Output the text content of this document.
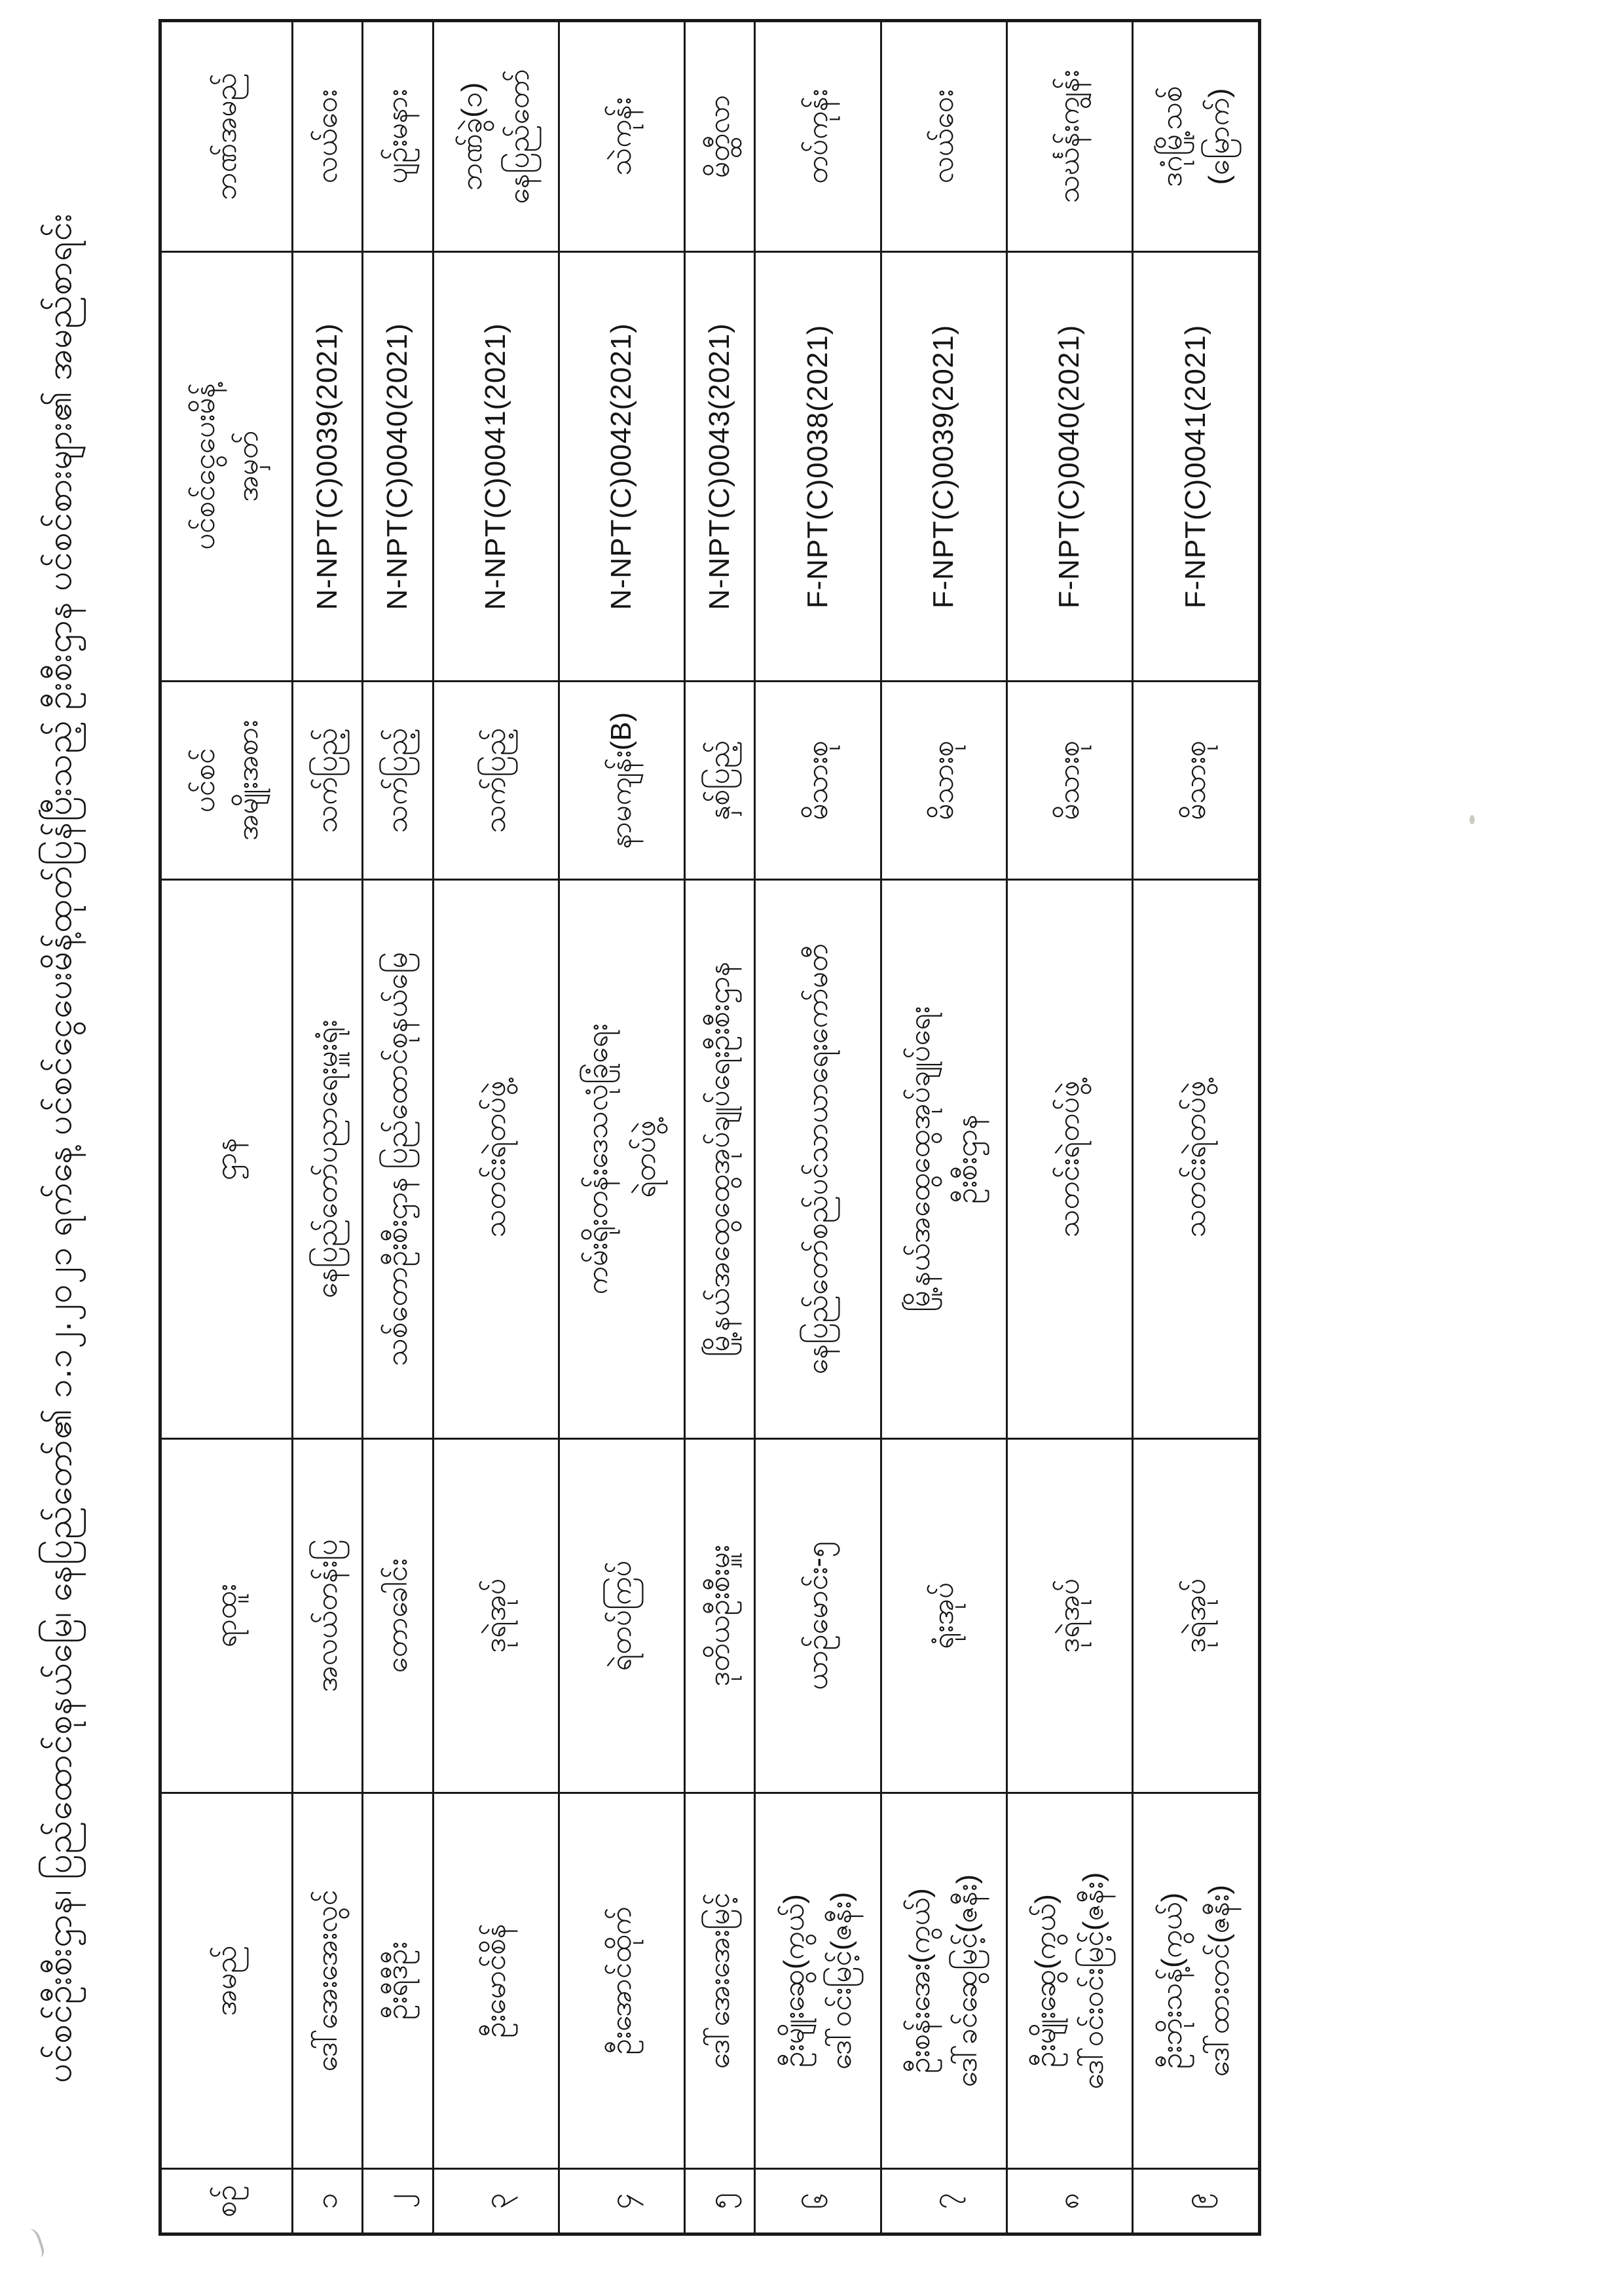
ပင်စင်ဦးစီးဌာန၊ ပြည်ထောင်စုနယ်မြေ၊ နေပြည်တော်၏ ၁.၁၂.၂၀၂၁ ရက်နေ့ ပင်စင်ငွေပေးမိန့်ထုတ်ပြန်ပြီးသည့် ဦးစီးဌာန ပင်စင်စားများ၏ အမည်စာရင်း
စဉ်	အမည်	ရာထူး	ဌာန	ပင်စင် အမျိုးအစား	ပင်စင်ငွေပေးမိန့် အမှတ်	ဘဏ်အမည်

၁	ဒေါ်အေးအေးလွင်	အလယ်တန်းပြ	နေပြည်တော်ပညာရေးမှူးရုံး	သက်ပြည့်	N-NPT(C)0039(2021)	လယ်ဝေး

၂	ဦးရီဒီဦး	တောခေါင်း	သစ်တောဦးစီးဌာန ပြည်ထောင်စုနယ်မြေ	သက်ပြည့်	N-NPT(C)0040(2021)	ပျဉ်းမနား

၃	ဦးမောင်စိန်	ဒုရဲအုပ်	သတင်းရဲတပ်ဖွဲ့	သက်ပြည့်	N-NPT(C)0041(2021)	ဘဏ်ခွဲ(၁) နေပြည်တော်

၄	ဦးအောင်ထိုက်	ရဲတပ်ကြပ်	ကမ်းရိုးတန်းဒေသလုံခြုံရေး ရဲတပ်ဖွဲ့	နာမကျန်း(B)	N-NPT(C)0042(2021)	သဲကုန်း

၅	ဒေါ်အေးအေးမြင့်	ဒုတိယဦးစီးမှူး	မြို့နယ်အထွေထွေအုပ်ချုပ်ရေးဦးစီးဌာန	နှစ်ပြည့်	N-NPT(C)0043(2021)	မိတ္ထီလာ

၆	ဦးမျိုးဆွေ(ကွယ်) ဒေါ်ဝင်းမြင့်(ဇနီး)	ယာဉ်မောင်း-၅	နေပြည်တော်စည်ပင်သာယာရေးကော်မတီ	မိသားစု	F-NPT(C)0038(2021)	တပ်ကုန်း

၇	ဦးစန်းအေး(ကွယ်) ဒေါ်ခင်ဆွေမြင့်(ဇနီး)	ရုံးအုပ်	မြို့နယ်အထွေထွေအုပ်ချုပ်ရေး ဦးစီးဌာန	မိသားစု	F-NPT(C)0039(2021)	လယ်ဝေး

၈	ဦးမျိုးဆွေ(ကွယ်) ဒေါ်ဝင်းဝင်းမြင့်(ဇနီး)	ဒုရဲအုပ်	သတင်းရဲတပ်ဖွဲ့	မိသားစု	F-NPT(C)0040(2021)	သင်္ဃန်းကျွန်း

၉	ဦးဘိုးသန့်(ကွယ်) ဒေါ်ထားတင်(ဇနီး)	ဒုရဲအုပ်	သတင်းရဲတပ်ဖွဲ့	မိသားစု	F-NPT(C)0041(2021)	ဒဂုံမြို့သစ် (မြောက်)
